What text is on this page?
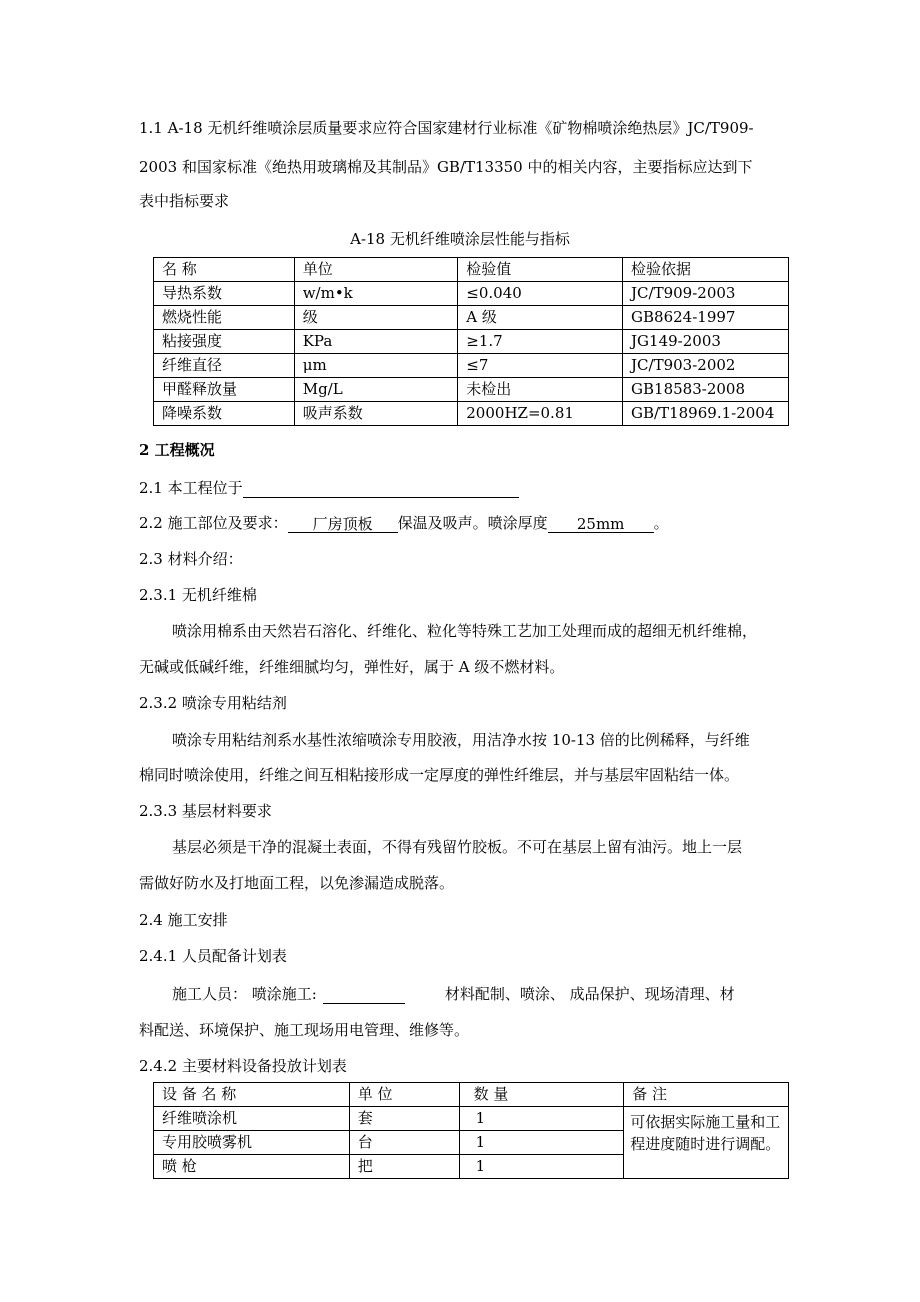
1.1 A-18 无机纤维喷涂层质量要求应符合国家建材行业标准《矿物棉喷涂绝热层》JC/T909-
2003 和国家标准《绝热用玻璃棉及其制品》GB/T13350 中的相关内容，主要指标应达到下
表中指标要求
A-18 无机纤维喷涂层性能与指标
名 称	单位	检验值	检验依据
导热系数	w/m•k	≤0.040	JC/T909-2003
燃烧性能	级	A 级	GB8624-1997
粘接强度	KPa	≥1.7	JG149-2003
纤维直径	μm	≤7	JC/T903-2002
甲醛释放量	Mg/L	未检出	GB18583-2008
降噪系数	吸声系数	2000HZ=0.81	GB/T18969.1-2004
2 工程概况
2.1 本工程位于
2.2 施工部位及要求： 厂房顶板 保温及吸声。喷涂厚度 25mm 。
2.3 材料介绍：
2.3.1 无机纤维棉
喷涂用棉系由天然岩石溶化、纤维化、粒化等特殊工艺加工处理而成的超细无机纤维棉，
无碱或低碱纤维，纤维细腻均匀，弹性好，属于 A 级不燃材料。
2.3.2 喷涂专用粘结剂
喷涂专用粘结剂系水基性浓缩喷涂专用胶液，用洁净水按 10-13 倍的比例稀释，与纤维
棉同时喷涂使用，纤维之间互相粘接形成一定厚度的弹性纤维层，并与基层牢固粘结一体。
2.3.3 基层材料要求
基层必须是干净的混凝土表面，不得有残留竹胶板。不可在基层上留有油污。地上一层
需做好防水及打地面工程，以免渗漏造成脱落。
2.4 施工安排
2.4.1 人员配备计划表
施工人员： 喷涂施工:	材料配制、喷涂、 成品保护、现场清理、材
料配送、环境保护、施工现场用电管理、维修等。
2.4.2 主要材料设备投放计划表
设 备 名 称	单 位	数 量	备 注
纤维喷涂机	套	1	可依据实际施工量和工程进度随时进行调配。
专用胶喷雾机	台	1	
喷 枪	把	1	
